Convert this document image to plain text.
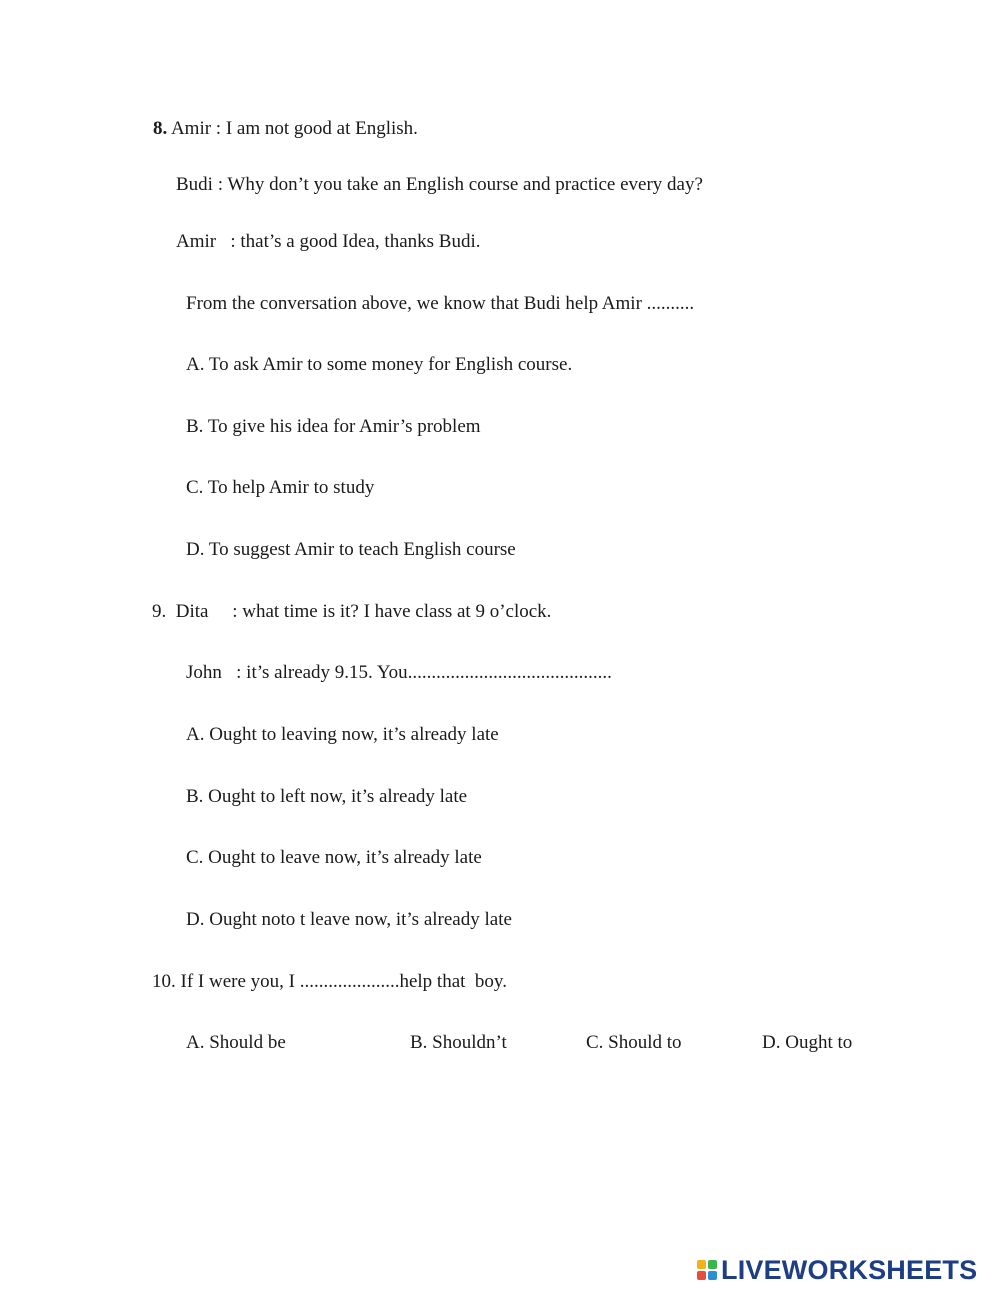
8. Amir : I am not good at English.
Budi : Why don’t you take an English course and practice every day?
Amir   : that’s a good Idea, thanks Budi.
From the conversation above, we know that Budi help Amir ..........
A. To ask Amir to some money for English course.
B. To give his idea for Amir’s problem
C. To help Amir to study
D. To suggest Amir to teach English course
9.  Dita     : what time is it? I have class at 9 o’clock.
John   : it’s already 9.15. You...........................................
A. Ought to leaving now, it’s already late
B. Ought to left now, it’s already late
C. Ought to leave now, it’s already late
D. Ought noto t leave now, it’s already late
10. If I were you, I .....................help that  boy.
A. Should be	B. Shouldn’t	C. Should to	D. Ought to
LIVEWORKSHEETS
